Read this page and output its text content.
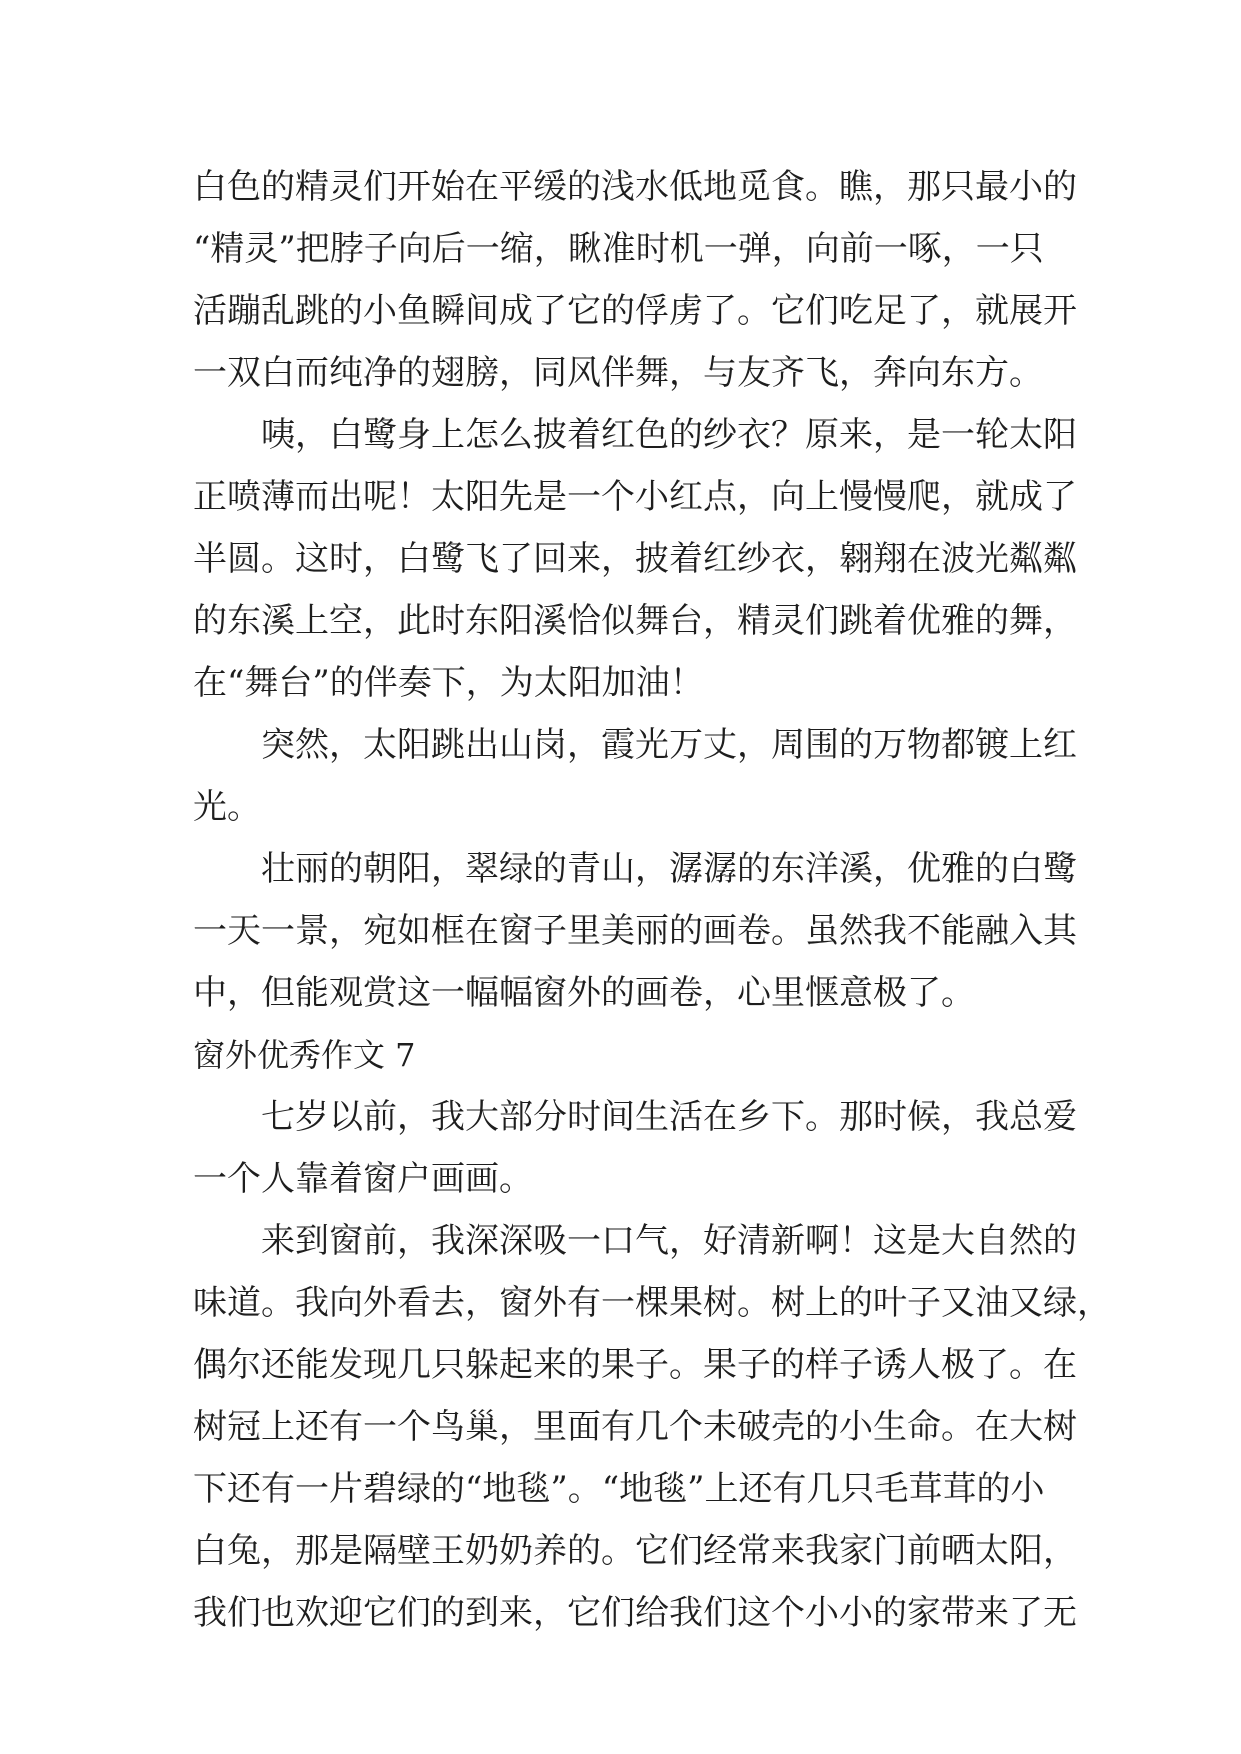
白色的精灵们开始在平缓的浅水低地觅食。瞧，那只最小的
“精灵”把脖子向后一缩，瞅准时机一弹，向前一啄，一只
活蹦乱跳的小鱼瞬间成了它的俘虏了。它们吃足了，就展开
一双白而纯净的翅膀，同风伴舞，与友齐飞，奔向东方。
咦，白鹭身上怎么披着红色的纱衣？原来，是一轮太阳
正喷薄而出呢！太阳先是一个小红点，向上慢慢爬，就成了
半圆。这时，白鹭飞了回来，披着红纱衣，翱翔在波光粼粼
的东溪上空，此时东阳溪恰似舞台，精灵们跳着优雅的舞，
在“舞台”的伴奏下，为太阳加油！
突然，太阳跳出山岗，霞光万丈，周围的万物都镀上红
光。
壮丽的朝阳，翠绿的青山，潺潺的东洋溪，优雅的白鹭
一天一景，宛如框在窗子里美丽的画卷。虽然我不能融入其
中，但能观赏这一幅幅窗外的画卷，心里惬意极了。
窗外优秀作文 7
七岁以前，我大部分时间生活在乡下。那时候，我总爱
一个人靠着窗户画画。
来到窗前，我深深吸一口气，好清新啊！这是大自然的
味道。我向外看去，窗外有一棵果树。树上的叶子又油又绿，
偶尔还能发现几只躲起来的果子。果子的样子诱人极了。在
树冠上还有一个鸟巢，里面有几个未破壳的小生命。在大树
下还有一片碧绿的“地毯”。“地毯”上还有几只毛茸茸的小
白兔，那是隔壁王奶奶养的。它们经常来我家门前晒太阳，
我们也欢迎它们的到来，它们给我们这个小小的家带来了无
